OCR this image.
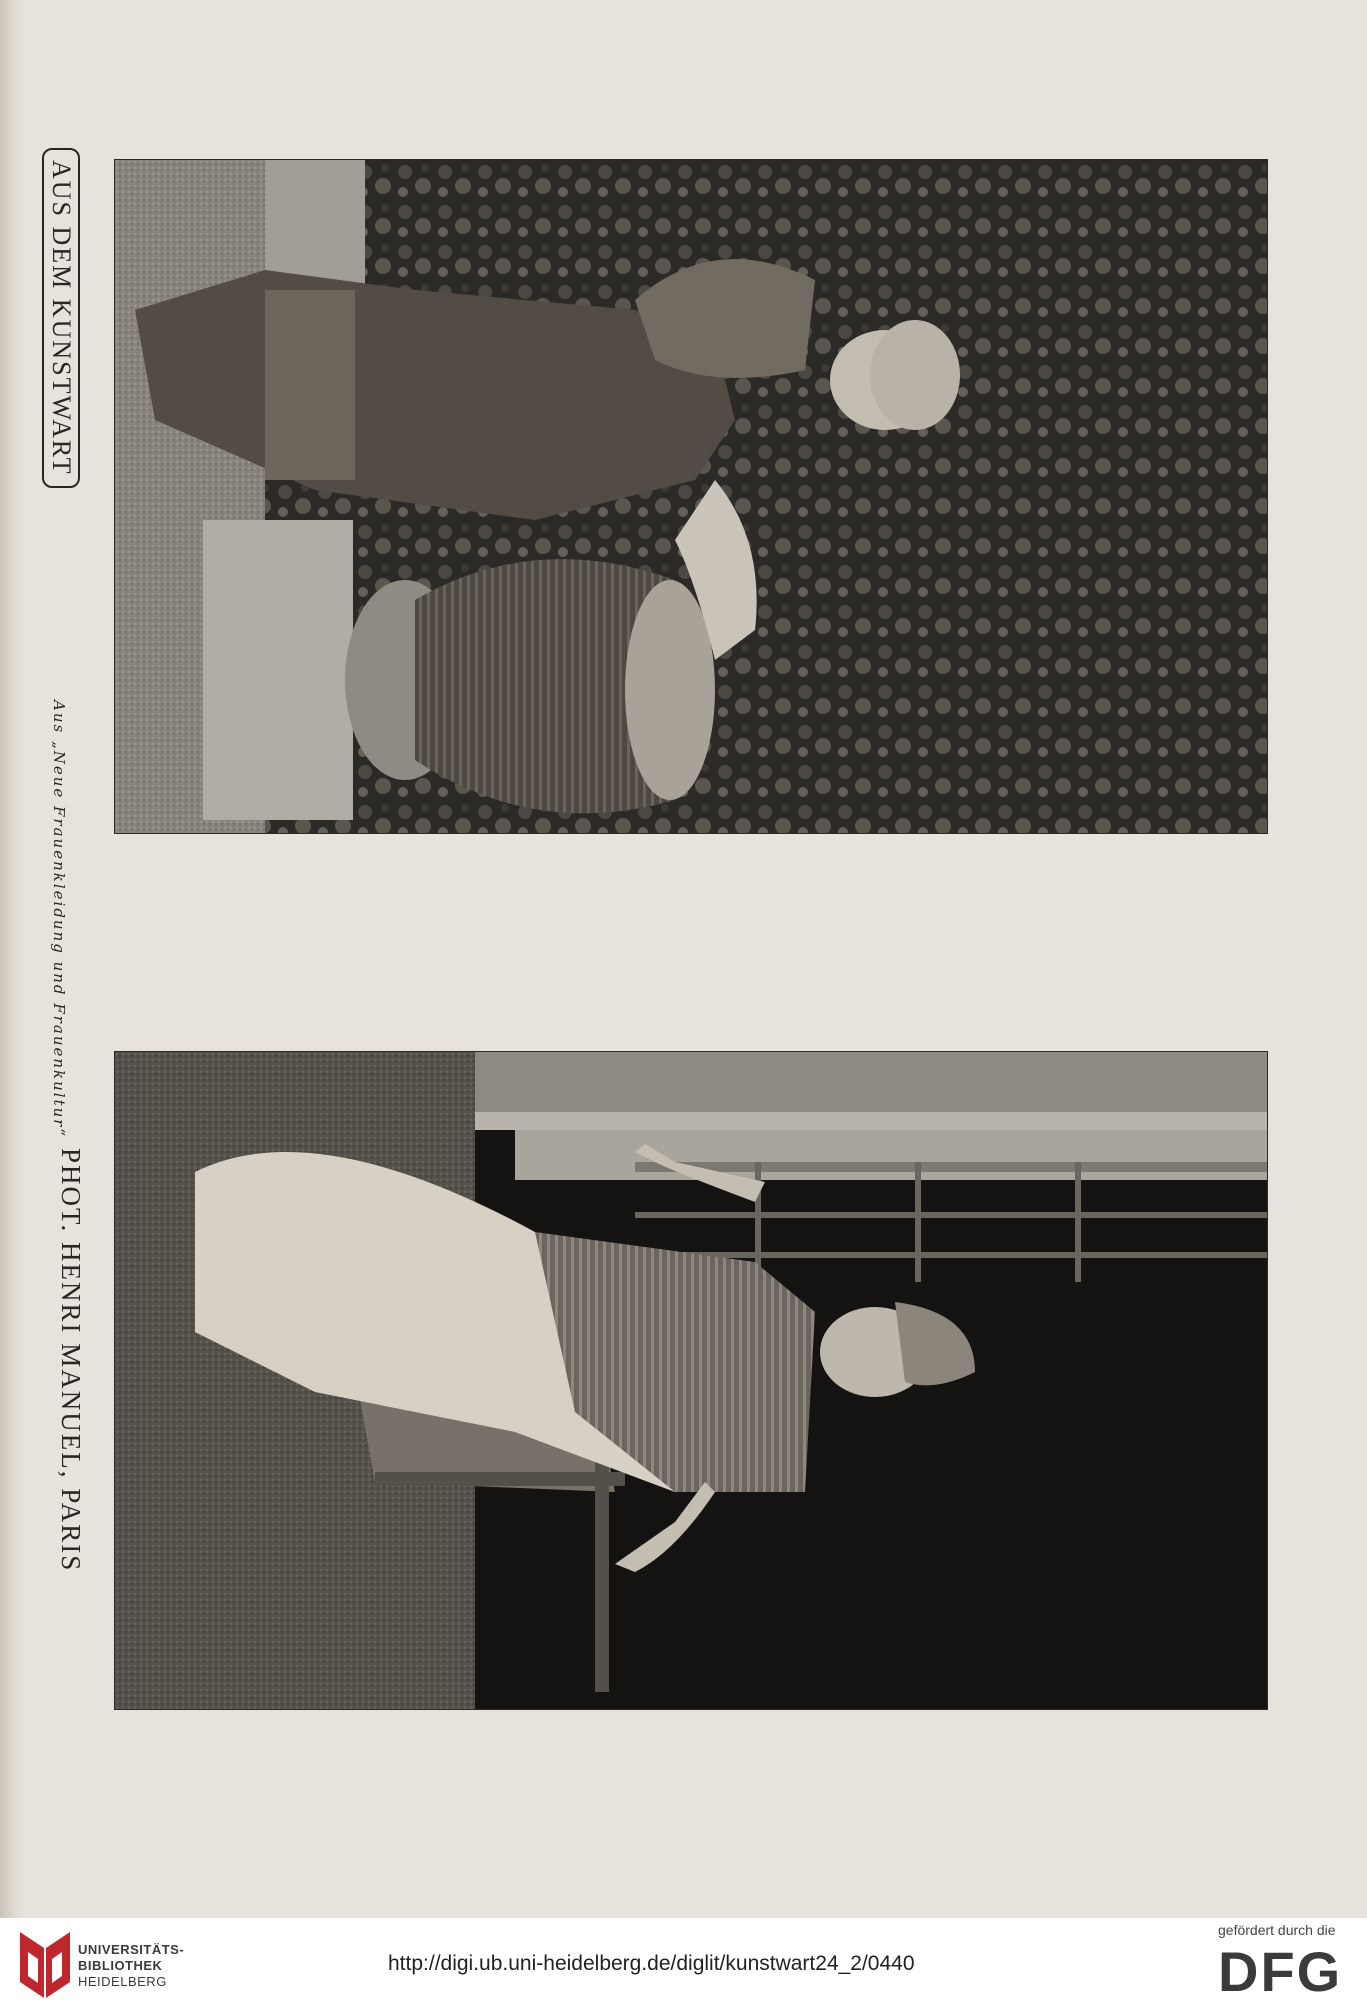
AUS DEM KUNSTWART
Aus „Neue Frauenkleidung und Frauenkultur“
PHOT. HENRI MANUEL, PARIS
UNIVERSITÄTS-
BIBLIOTHEK
HEIDELBERG
http://digi.ub.uni-heidelberg.de/diglit/kunstwart24_2/0440
gefördert durch die
DFG
